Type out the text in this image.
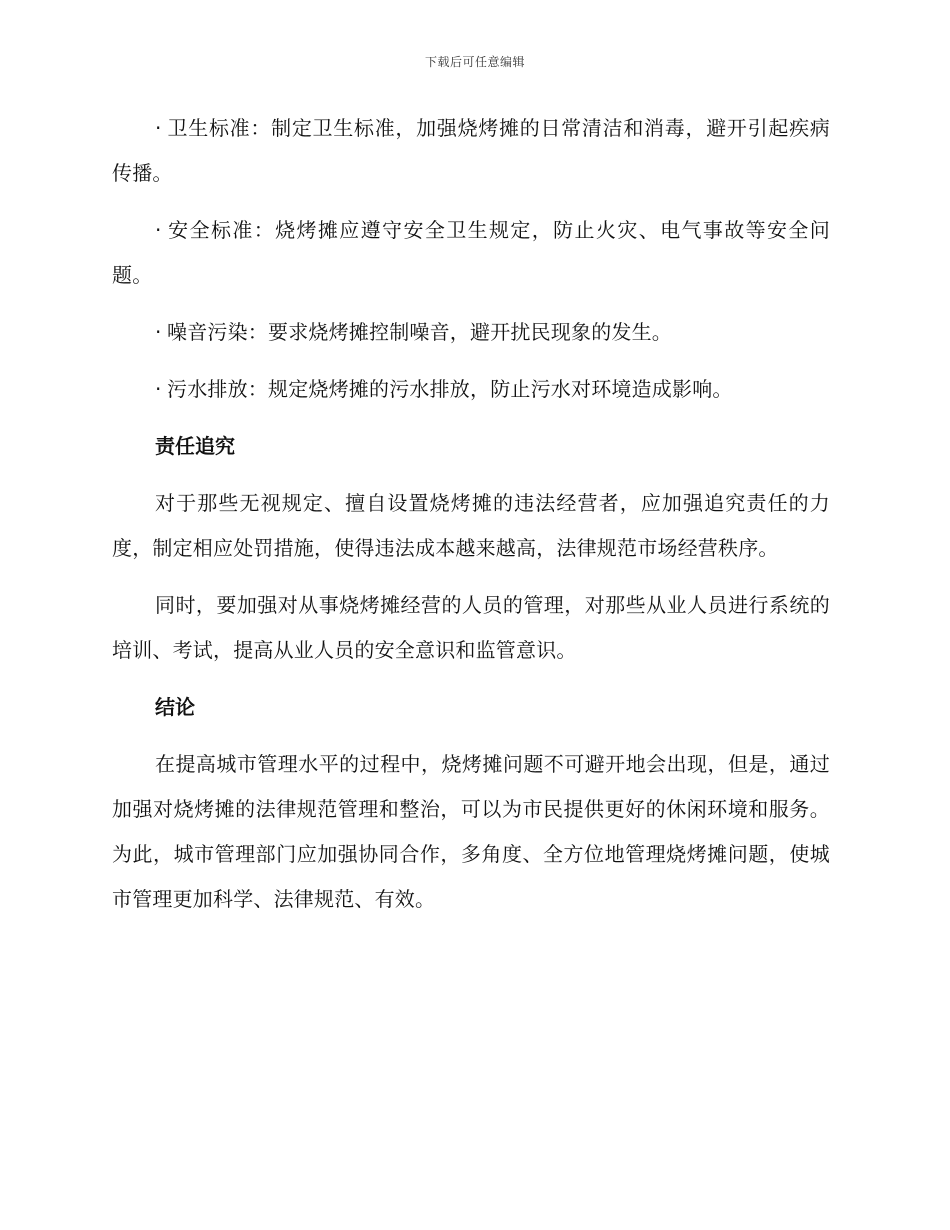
下载后可任意编辑

· 卫生标准：制定卫生标准，加强烧烤摊的日常清洁和消毒，避开引起疾病传播。

· 安全标准：烧烤摊应遵守安全卫生规定，防止火灾、电气事故等安全问题。

· 噪音污染：要求烧烤摊控制噪音，避开扰民现象的发生。

· 污水排放：规定烧烤摊的污水排放，防止污水对环境造成影响。

责任追究

对于那些无视规定、擅自设置烧烤摊的违法经营者，应加强追究责任的力度，制定相应处罚措施，使得违法成本越来越高，法律规范市场经营秩序。

同时，要加强对从事烧烤摊经营的人员的管理，对那些从业人员进行系统的培训、考试，提高从业人员的安全意识和监管意识。

结论

在提高城市管理水平的过程中，烧烤摊问题不可避开地会出现，但是，通过加强对烧烤摊的法律规范管理和整治，可以为市民提供更好的休闲环境和服务。为此，城市管理部门应加强协同合作，多角度、全方位地管理烧烤摊问题，使城市管理更加科学、法律规范、有效。
